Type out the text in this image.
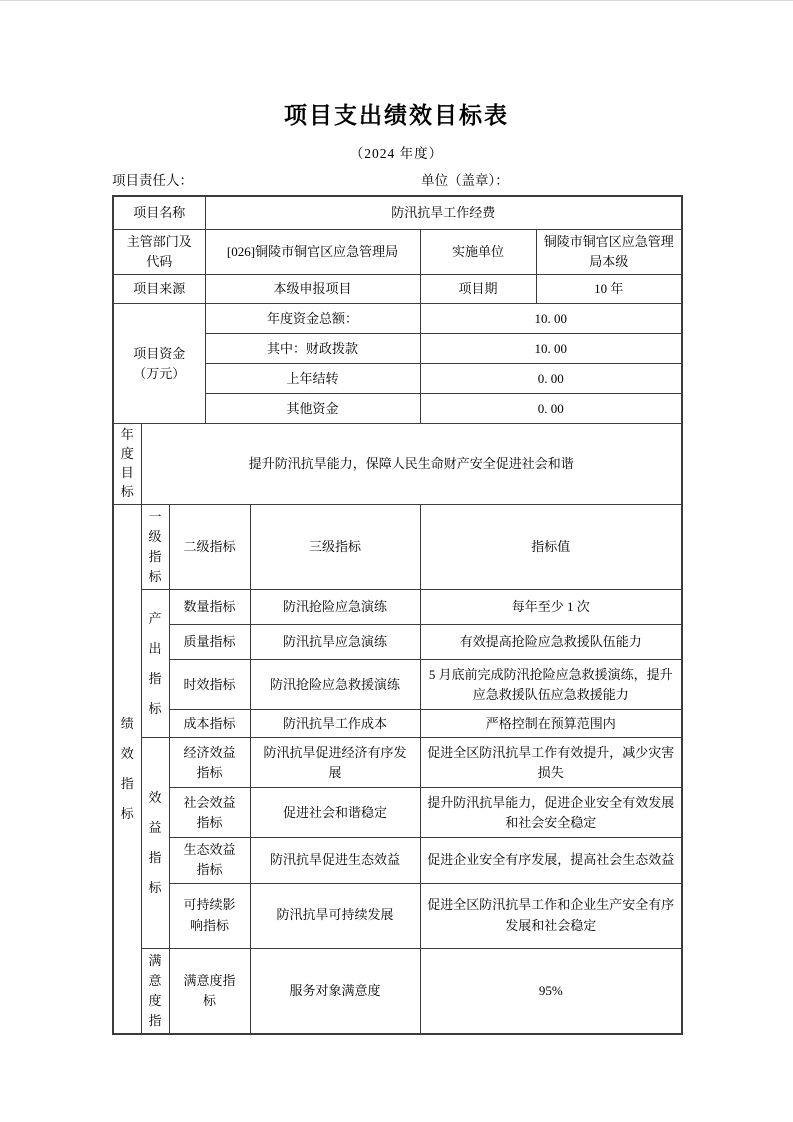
项目支出绩效目标表
（2024 年度）
项目责任人：	单位（盖章）：
项目名称			防汛抗旱工作经费			

主管部门及代码			[026]铜陵市铜官区应急管理局		实施单位	铜陵市铜官区应急管理局本级
项目来源			本级申报项目		项目期	10 年

项目资金（万元）			年度资金总额：		10. 00	
			其中：财政拨款		10. 00	
			上年结转		0. 00	
			其他资金		0. 00	

年度目标	提升防汛抗旱能力，保障人民生命财产安全促进社会和谐					

绩效指标	一级指标	二级指标		三级指标	指标值	

	产出指标	数量指标		防汛抢险应急演练	每年至少 1 次	
		质量指标		防汛抗旱应急演练	有效提高抢险应急救援队伍能力	
		时效指标		防汛抢险应急救援演练	5 月底前完成防汛抢险应急救援演练，提升应急救援队伍应急救援能力	
		成本指标		防汛抗旱工作成本	严格控制在预算范围内	

	效益指标	经济效益指标		防汛抗旱促进经济有序发展	促进全区防汛抗旱工作有效提升，减少灾害损失	

		社会效益指标		促进社会和谐稳定	提升防汛抗旱能力，促进企业安全有效发展和社会安全稳定	

		生态效益指标		防汛抗旱促进生态效益	促进企业安全有序发展，提高社会生态效益	

		可持续影响指标		防汛抗旱可持续发展	促进全区防汛抗旱工作和企业生产安全有序发展和社会稳定	

	满意度指	满意度指标		服务对象满意度	95%	
